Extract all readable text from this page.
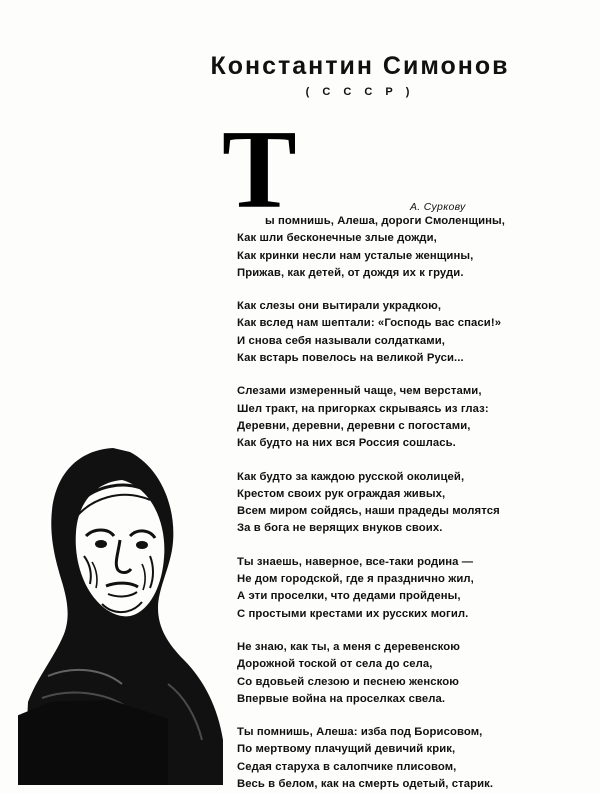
Константин Симонов
( С С С Р )
Т	А. Суркову
ы помнишь, Алеша, дороги Смоленщины,
Как шли бесконечные злые дожди,
Как кринки несли нам усталые женщины,
Прижав, как детей, от дождя их к груди.
Как слезы они вытирали украдкою,
Как вслед нам шептали: «Господь вас спаси!»
И снова себя называли солдатками,
Как встарь повелось на великой Руси...
Слезами измеренный чаще, чем верстами,
Шел тракт, на пригорках скрываясь из глаз:
Деревни, деревни, деревни с погостами,
Как будто на них вся Россия сошлась.
Как будто за каждою русской околицей,
Крестом своих рук ограждая живых,
Всем миром сойдясь, наши прадеды молятся
За в бога не верящих внуков своих.
Ты знаешь, наверное, все-таки родина —
Не дом городской, где я празднично жил,
А эти проселки, что дедами пройдены,
С простыми крестами их русских могил.
Не знаю, как ты, а меня с деревенскою
Дорожной тоской от села до села,
Со вдовьей слезою и песнею женскою
Впервые война на проселках свела.
Ты помнишь, Алеша: изба под Борисовом,
По мертвому плачущий девичий крик,
Седая старуха в салопчике плисовом,
Весь в белом, как на смерть одетый, старик.
